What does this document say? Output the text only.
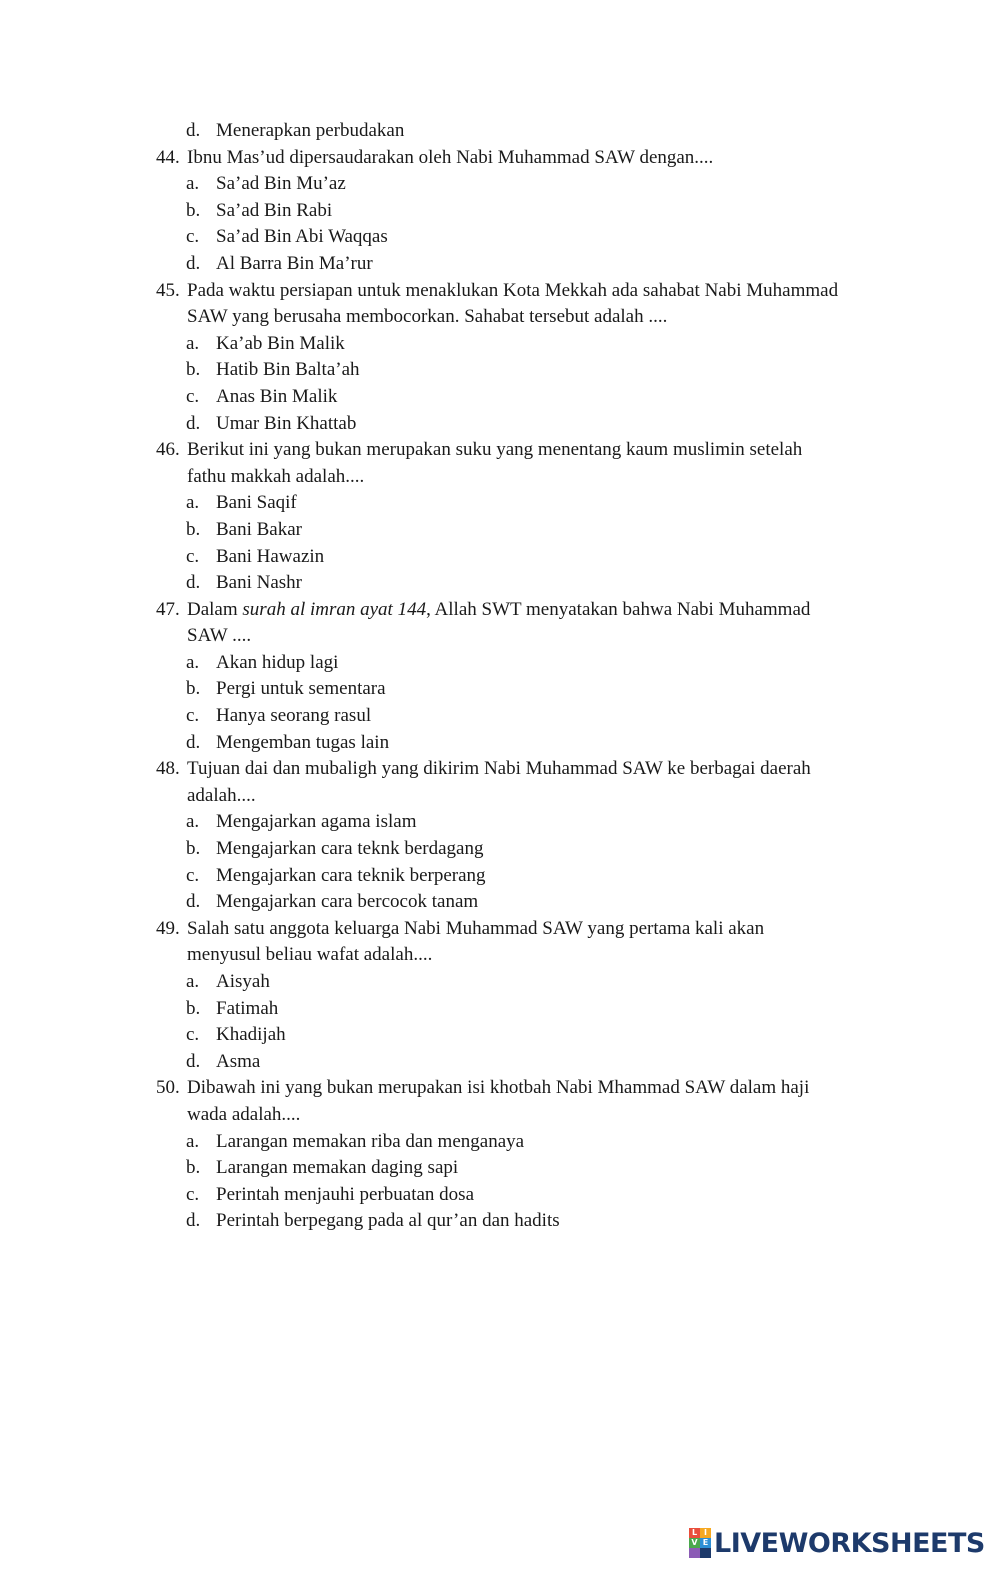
d. Menerapkan perbudakan
44. Ibnu Mas’ud dipersaudarakan oleh Nabi Muhammad SAW dengan....
a. Sa’ad Bin Mu’az
b. Sa’ad Bin Rabi
c. Sa’ad Bin Abi Waqqas
d. Al Barra Bin Ma’rur
45. Pada waktu persiapan untuk menaklukan Kota Mekkah ada sahabat Nabi Muhammad
SAW yang berusaha membocorkan. Sahabat tersebut adalah ....
a. Ka’ab Bin Malik
b. Hatib Bin Balta’ah
c. Anas Bin Malik
d. Umar Bin Khattab
46. Berikut ini yang bukan merupakan suku yang menentang kaum muslimin setelah
fathu makkah adalah....
a. Bani Saqif
b. Bani Bakar
c. Bani Hawazin
d. Bani Nashr
47. Dalam surah al imran ayat 144, Allah SWT menyatakan bahwa Nabi Muhammad
SAW ....
a. Akan hidup lagi
b. Pergi untuk sementara
c. Hanya seorang rasul
d. Mengemban tugas lain
48. Tujuan dai dan mubaligh yang dikirim Nabi Muhammad SAW ke berbagai daerah
adalah....
a. Mengajarkan agama islam
b. Mengajarkan cara teknk berdagang
c. Mengajarkan cara teknik berperang
d. Mengajarkan cara bercocok tanam
49. Salah satu anggota keluarga Nabi Muhammad SAW yang pertama kali akan
menyusul beliau wafat adalah....
a. Aisyah
b. Fatimah
c. Khadijah
d. Asma
50. Dibawah ini yang bukan merupakan isi khotbah Nabi Mhammad SAW dalam haji
wada adalah....
a. Larangan memakan riba dan menganaya
b. Larangan memakan daging sapi
c. Perintah menjauhi perbuatan dosa
d. Perintah berpegang pada al qur’an dan hadits
L I
V E LIVEWORKSHEETS
